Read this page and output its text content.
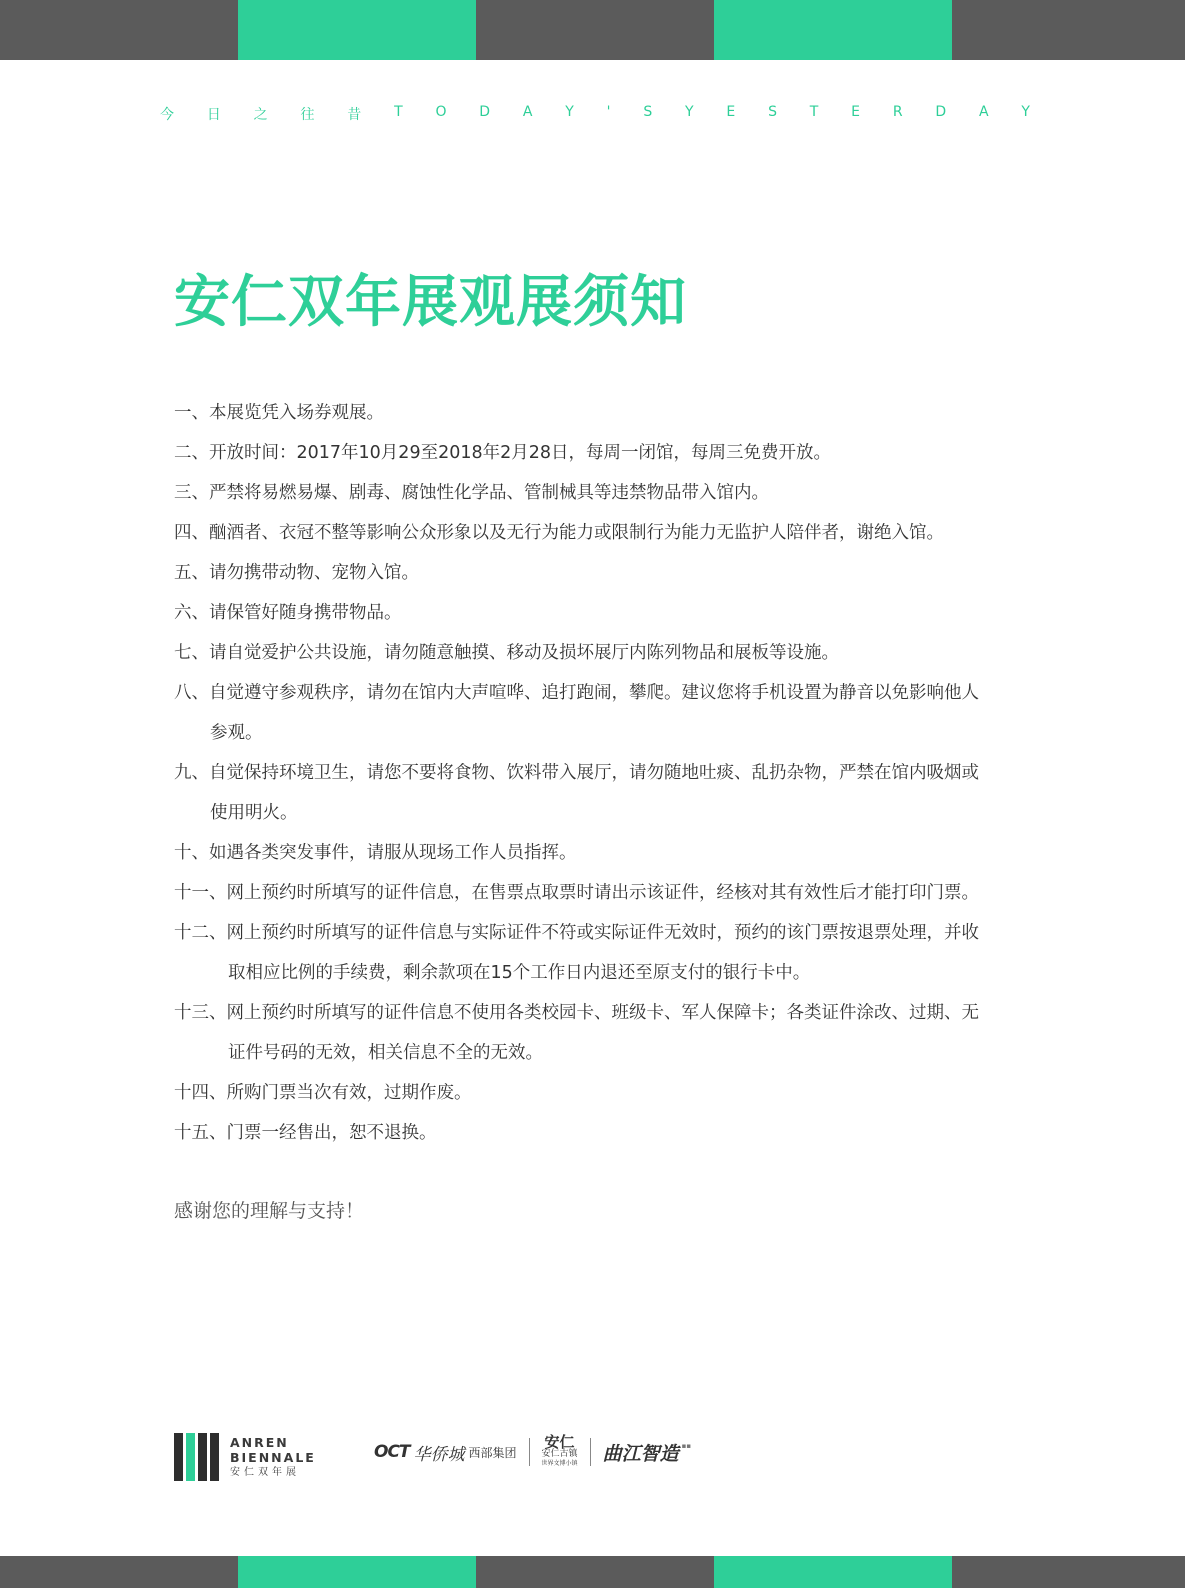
今 日 之 往 昔 T O D A Y ' S Y E S T E R D A Y
安仁双年展观展须知
一、本展览凭入场券观展。
二、开放时间：2017年10月29至2018年2月28日，每周一闭馆，每周三免费开放。
三、严禁将易燃易爆、剧毒、腐蚀性化学品、管制械具等违禁物品带入馆内。
四、酗酒者、衣冠不整等影响公众形象以及无行为能力或限制行为能力无监护人陪伴者，谢绝入馆。
五、请勿携带动物、宠物入馆。
六、请保管好随身携带物品。
七、请自觉爱护公共设施，请勿随意触摸、移动及损坏展厅内陈列物品和展板等设施。
八、自觉遵守参观秩序，请勿在馆内大声喧哗、追打跑闹，攀爬。建议您将手机设置为静音以免影响他人
参观。
九、自觉保持环境卫生，请您不要将食物、饮料带入展厅，请勿随地吐痰、乱扔杂物，严禁在馆内吸烟或
使用明火。
十、如遇各类突发事件，请服从现场工作人员指挥。
十一、网上预约时所填写的证件信息，在售票点取票时请出示该证件，经核对其有效性后才能打印门票。
十二、网上预约时所填写的证件信息与实际证件不符或实际证件无效时，预约的该门票按退票处理，并收
取相应比例的手续费，剩余款项在15个工作日内退还至原支付的银行卡中。
十三、网上预约时所填写的证件信息不使用各类校园卡、班级卡、军人保障卡；各类证件涂改、过期、无
证件号码的无效，相关信息不全的无效。
十四、所购门票当次有效，过期作废。
十五、门票一经售出，恕不退换。
感谢您的理解与支持！
ANREN
BIENNALE
安仁双年展
OCT 华侨城 西部集团
安仁
安仁古镇
世界文博小镇 曲江智造 ▪▪
